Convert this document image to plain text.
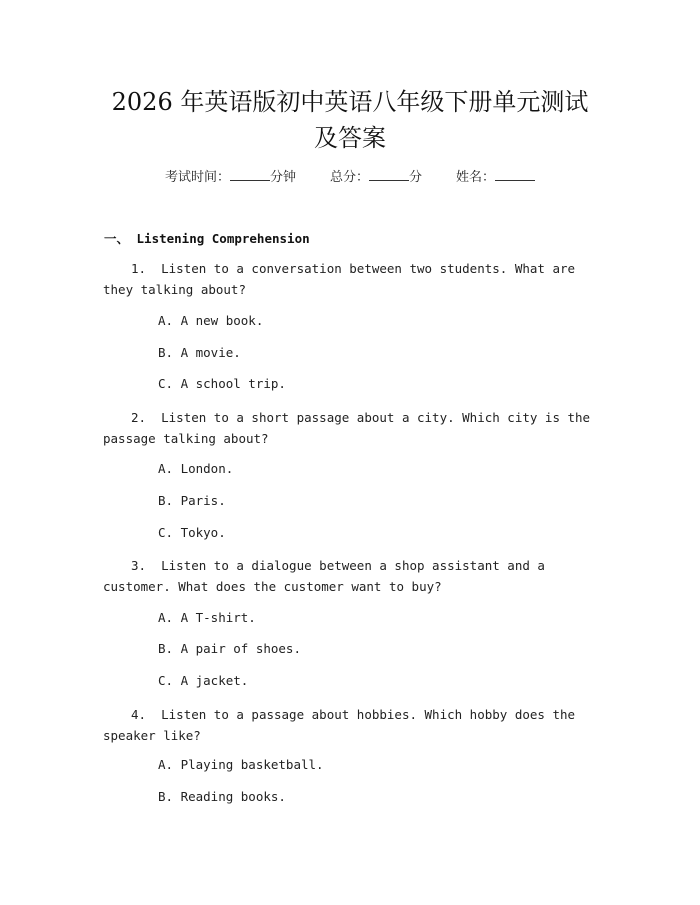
2026 年英语版初中英语八年级下册单元测试
及答案
考试时间：	分钟	总分：	分	姓名：
一、 Listening Comprehension
1. Listen to a conversation between two students. What are they talking about?
A. A new book.
B. A movie.
C. A school trip.
2. Listen to a short passage about a city. Which city is the passage talking about?
A. London.
B. Paris.
C. Tokyo.
3. Listen to a dialogue between a shop assistant and a customer. What does the customer want to buy?
A. A T-shirt.
B. A pair of shoes.
C. A jacket.
4. Listen to a passage about hobbies. Which hobby does the speaker like?
A. Playing basketball.
B. Reading books.
